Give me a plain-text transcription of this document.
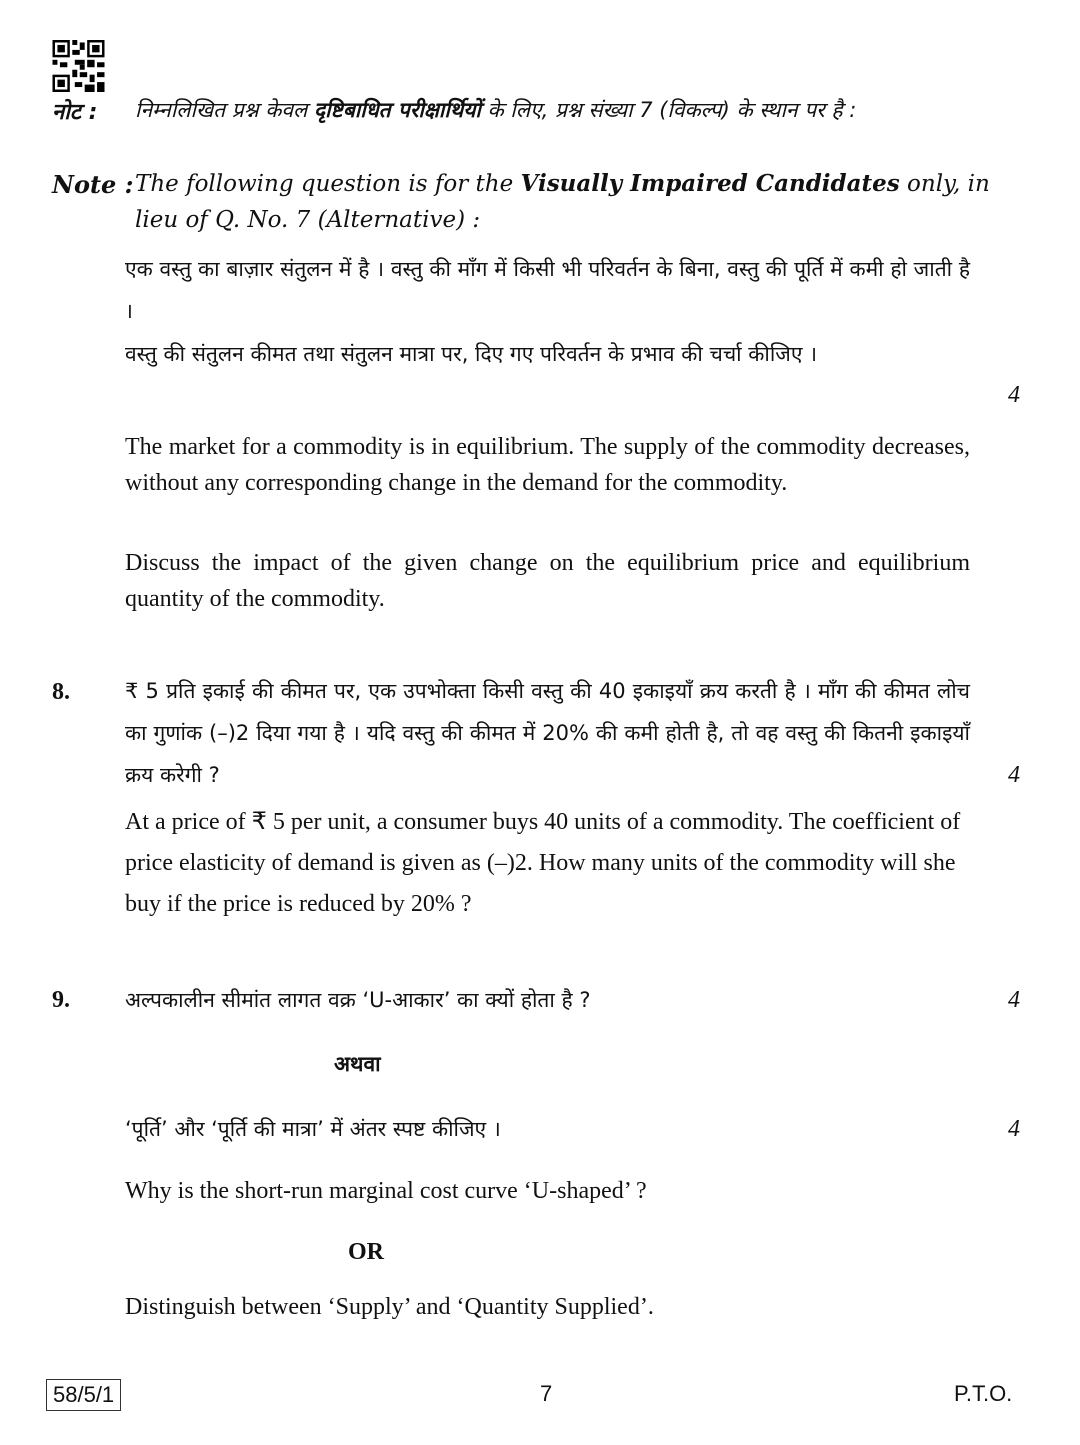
नोट : निम्नलिखित प्रश्न केवल दृष्टिबाधित परीक्षार्थियों के लिए, प्रश्न संख्या 7 (विकल्प) के स्थान पर है :
Note : The following question is for the Visually Impaired Candidates only, in lieu of Q. No. 7 (Alternative) :
एक वस्तु का बाज़ार संतुलन में है । वस्तु की माँग में किसी भी परिवर्तन के बिना, वस्तु की पूर्ति में कमी हो जाती है ।
वस्तु की संतुलन कीमत तथा संतुलन मात्रा पर, दिए गए परिवर्तन के प्रभाव की चर्चा कीजिए ।
4
The market for a commodity is in equilibrium. The supply of the commodity decreases, without any corresponding change in the demand for the commodity.
Discuss the impact of the given change on the equilibrium price and equilibrium quantity of the commodity.
8.	₹ 5 प्रति इकाई की कीमत पर, एक उपभोक्ता किसी वस्तु की 40 इकाइयाँ क्रय करती है । माँग की कीमत लोच का गुणांक (–)2 दिया गया है । यदि वस्तु की कीमत में 20% की कमी होती है, तो वह वस्तु की कितनी इकाइयाँ क्रय करेगी ?	4
At a price of ₹ 5 per unit, a consumer buys 40 units of a commodity. The coefficient of price elasticity of demand is given as (–)2. How many units of the commodity will she buy if the price is reduced by 20% ?
9.	अल्पकालीन सीमांत लागत वक्र ‘U-आकार’ का क्यों होता है ?	4
अथवा
‘पूर्ति’ और ‘पूर्ति की मात्रा’ में अंतर स्पष्ट कीजिए ।	4
Why is the short-run marginal cost curve ‘U-shaped’ ?
OR
Distinguish between ‘Supply’ and ‘Quantity Supplied’.
58/5/1	7	P.T.O.
